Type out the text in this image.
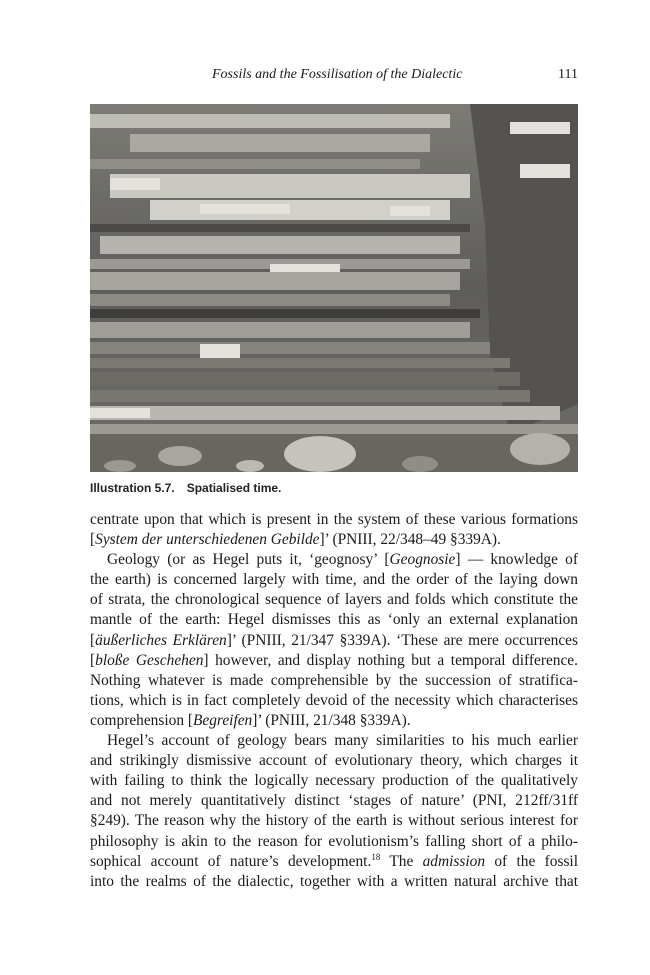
Fossils and the Fossilisation of the Dialectic	111
Illustration 5.7. Spatialised time.

centrate upon that which is present in the system of these various formations
[System der unterschiedenen Gebilde]’ (PNIII, 22/348–49 §339A).

Geology (or as Hegel puts it, ‘geognosy’ [Geognosie] — knowledge of
the earth) is concerned largely with time, and the order of the laying down
of strata, the chronological sequence of layers and folds which constitute the
mantle of the earth: Hegel dismisses this as ‘only an external explanation
[äußerliches Erklären]’ (PNIII, 21/347 §339A). ‘These are mere occurrences
[bloße Geschehen] however, and display nothing but a temporal difference.
Nothing whatever is made comprehensible by the succession of stratifica-
tions, which is in fact completely devoid of the necessity which characterises
comprehension [Begreifen]’ (PNIII, 21/348 §339A).

Hegel’s account of geology bears many similarities to his much earlier
and strikingly dismissive account of evolutionary theory, which charges it
with failing to think the logically necessary production of the qualitatively
and not merely quantitatively distinct ‘stages of nature’ (PNI, 212ff/31ff
§249). The reason why the history of the earth is without serious interest for
philosophy is akin to the reason for evolutionism’s falling short of a philo-
sophical account of nature’s development.$^{18}$ The admission of the fossil
into the realms of the dialectic, together with a written natural archive that
